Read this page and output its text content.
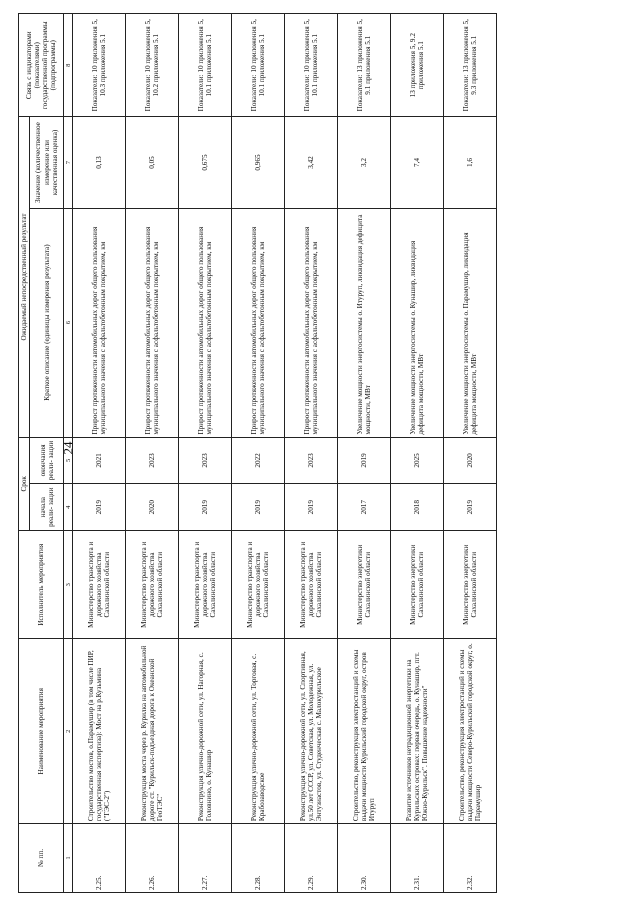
24
№ пп.	Наименование мероприятия	Исполнитель мероприятия	Срок		Ожидаемый непосредственный результат		Связь с индикаторами (показателями) государственной программы (подпрограммы)
			начала реали- зации	окончания реали- зации	Краткое описание (единицы измерения результата)	Значение (количественное измерение или качественная оценка)	
1	2	3	4	5	6	7	8
2.25.	Строительство мостов, о.Парамушир (в том числе ПИР, государственная экспертиза): Мост на р.Кузьмина ("ГЭС-2")	Министерство транспорта и дорожного хозяйства Сахалинской области	2019	2021	Прирост протяженности автомобильных дорог общего пользования муниципального значения с асфальтобетонным покрытием, км	0,13	Показатели: 10 приложения 5, 10.3 приложения 5.1
2.26.	Реконструкция моста через р. Курилка на автомобильной дороге ст. "Курильск-подъездная дорога к Океанской ГеоТЭС"	Министерство транспорта и дорожного хозяйства Сахалинской области	2020	2023	Прирост протяженности автомобильных дорог общего пользования муниципального значения с асфальтобетонным покрытием, км	0,05	Показатели: 10 приложения 5, 10.2 приложения 5.1
2.27.	Реконструкция улично-дорожной сети, ул. Нагорная, с. Головнино, о. Кунашир	Министерство транспорта и дорожного хозяйства Сахалинской области	2019	2023	Прирост протяженности автомобильных дорог общего пользования муниципального значения с асфальтобетонным покрытием, км	0,675	Показатели: 10 приложения 5, 10.1 приложения 5.1
2.28.	Реконструкция улично-дорожной сети, ул. Торговая, с. Крабозаводское	Министерство транспорта и дорожного хозяйства Сахалинской области	2019	2022	Прирост протяженности автомобильных дорог общего пользования муниципального значения с асфальтобетонным покрытием, км	0,965	Показатели: 10 приложения 5, 10.1 приложения 5.1
2.29.	Реконструкция улично-дорожной сети, ул. Спортивная, ул.50 лет СССР, ул. Советская, ул. Молодежная, ул. Энтузиастов, ул. Студенческая с. Малокурильское	Министерство транспорта и дорожного хозяйства Сахалинской области	2019	2023	Прирост протяженности автомобильных дорог общего пользования муниципального значения с асфальтобетонным покрытием, км	3,42	Показатели: 10 приложения 5, 10.1 приложения 5.1
2.30.	Строительство, реконструкция электростанций и схемы выдачи мощности Курильский городской округ, остров Итуруп	Министерство энергетики Сахалинской области	2017	2019	Увеличение мощности энергосистемы о. Итуруп, ликвидация дефицита мощности, МВт	3,2	Показатели: 13 приложения 5, 9.1 приложения 5.1
2.31.	Развитие источников нетрадиционной энергетики на Курильских островах: первая очередь, о. Кунашир, пгт. Южно-Курильск". Повышение надежности"	Министерство энергетики Сахалинской области	2018	2025	Увеличение мощности энергосистемы о. Кунашир, ликвидация дефицита мощности, МВт	7,4	13 приложения 5, 9.2 приложения 5.1
2.32.	Строительство, реконструкция электростанций и схемы выдачи мощности Северо-Курильский городской округ, о. Парамушир	Министерство энергетики Сахалинской области	2019	2020	Увеличение мощности энергосистемы о. Парамушир, ликвидация дефицита мощности, МВт	1,6	Показатели: 13 приложения 5, 9.3 приложения 5.1
